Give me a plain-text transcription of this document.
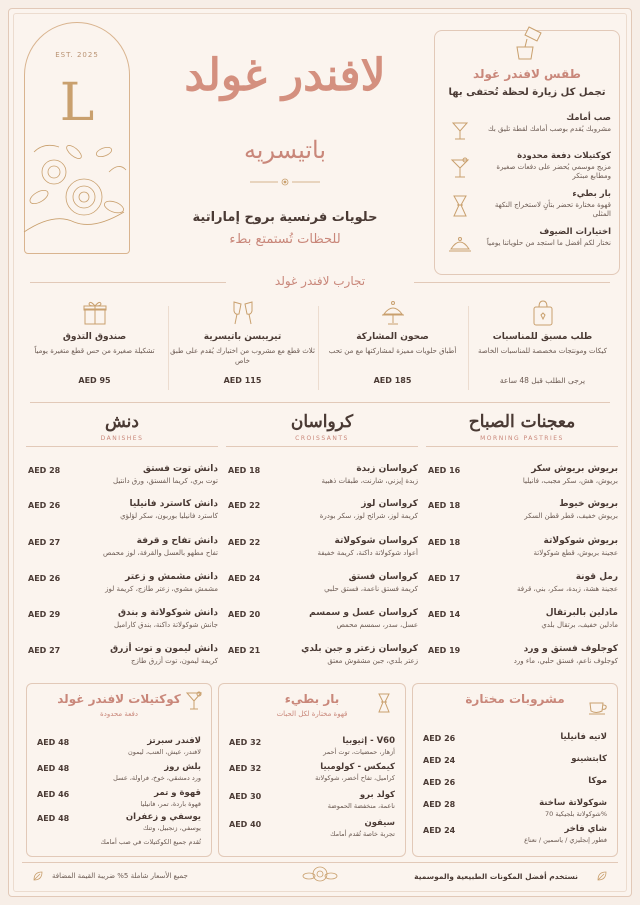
EST. 2025
L	لافندر غولد
باتيسريه
حلويات فرنسية بروح إماراتية
للحظات تُستمتع بطء
طقس لافندر غولد
تجمل كل زيارة لحظة تُحتفى بها
صب أمامك
مشروبك يُقدم بوصب أمامك لقطة تليق بك
كوكتيلات دفعة محدودة
مزيج موسمي يُحضر على دفعات صغيرة ومطابع مبتكر
بار بطيء
قهوة مختارة تحضر بتأنٍ لاستخراج النكهة المثلى
اختيارات الضيوف
نختار لكم أفضل ما استجد من حلوياتنا يومياً
تجارب لافندر غولد
طلب مسبق للمناسبات
كيكات ومونتجات مخصصة للمناسبات الخاصة
يرجى الطلب قبل 48 ساعة
صحون المشاركة
أطباق حلويات مميزة لمشاركتها مع من تحب
AED 185
تيريبسن باتيسرية
ثلاث قطع مع مشروب من اختيارك يُقدم على طبق خاص
AED 115
صندوق التذوق
تشكيلة صغيرة من حس قطع متغيرة يومياً
AED 95
معجنات الصباح
MORNING PASTRIES
بريوش بريوش سكر
بريوش، هش، سكر مجبب، فانيليا
AED 16
بريوش خيوط
بريوش خفيف، قطر قطن السكر
AED 18
بريوش شوكولاتة
عجينة بريوش، قطع شوكولاتة
AED 18
رمل قونة
عجينة هشة، زبدة، سكر، بني، قرفة
AED 17
مادلين بالبرتقال
مادلين خفيف، برتقال بلدي
AED 14
كوجلوف فستق و ورد
كوجلوف ناعم، فستق حلبي، ماء ورد
AED 19
كرواسان
CROISSANTS
كرواسان زبدة
زبدة إيزني، شارنت، طبقات ذهبية
AED 18
كرواسان لوز
كريمة لوز، شرائح لوز، سكر بودرة
AED 22
كرواسان شوكولاتة
أعواد شوكولاتة داكنة، كريمة خفيفة
AED 22
كرواسان فستق
كريمة فستق ناعمة، فستق حلبي
AED 24
كرواسان عسل و سمسم
عسل، سدر، سمسم محمص
AED 20
كرواسان زعتر و جبن بلدي
زعتر بلدي، جبن مشقوش معتق
AED 21
دنش
DANISHES
دانش توت فستق
توت بري، كريما الفستق، ورق دانتيل
AED 28
دانش كاسترد فانيليا
كاسترد فانيليا بوربون، سكر لؤلؤي
AED 26
دانش تفاح و قرفة
تفاح مطهو بالعسل والقرفة، لوز محمص
AED 27
دانش مشمش و زعتر
مشمش مشوي، زعتر طازج، كريمة لوز
AED 26
دانش شوكولاتة و بندق
جانش شوكولاتة داكنة، بندق كاراميل
AED 29
دانش ليمون و توت أزرق
كريمة ليمون، توت أزرق طازج
AED 27
مشروبات مختارة
لاتيه فانيليا
AED 26
كابتشينو
AED 24
موكا
AED 26
شوكولاتة ساخنة
شوكولاتة بلجيكية 70%
AED 28
شاي فاخر
فطور إنجليزي / ياسمين / نعناع
AED 24
بار بطيء
قهوة مختارة لكل الحبات
إثيوبيا - V60
أزهار، حمضيات، توت أحمر
AED 32
كيمكس - كولومبيا
كراميل، تفاح أخضر، شوكولاتة
AED 32
كولد برو
ناعمة، منخفضة الحموضة
AED 30
سيفون
تجربة خاصة تُقدم أمامك
AED 40
كوكتيلات لافندر غولد
دفعة محدودة
لافندر سبرتز
لافندر، عيش، العنب، ليمون
AED 48
بلش روز
ورد دمشقي، خوخ، فراولة، عسل
AED 48
قهوة و تمر
قهوة باردة، تمر، فانيليا
AED 46
يوسفي و زعفران
يوسفي، زنجبيل، وتنك
AED 48
تُقدم جميع الكوكتيلات في صب أمامك
نستخدم أفضل المكونات الطبيعية والموسمية
جميع الأسعار شاملة 5% ضريبة القيمة المضافة
